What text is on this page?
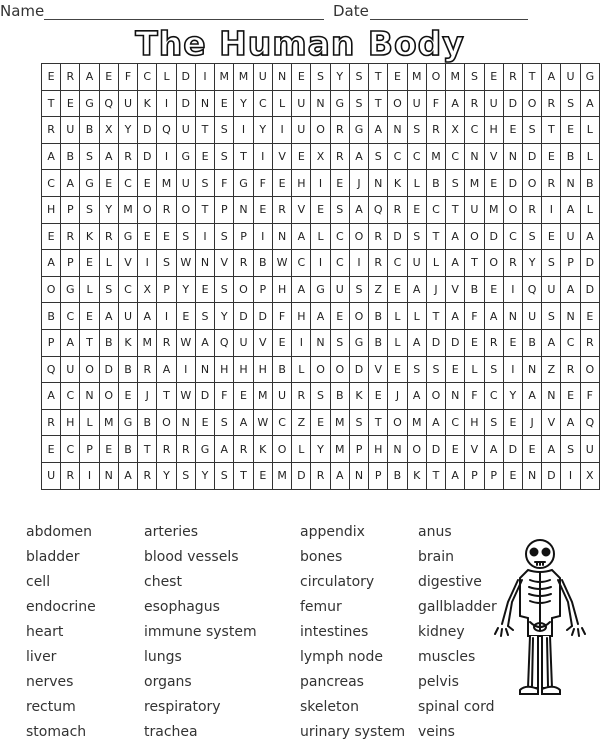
Name	Date
The Human Body
E	R	A	E	F	C	L	D	I	M	M	U	N	E	S	Y	S	T	E	M	O	M	S	E	R	T	A	U	G
T	E	G	Q	U	K	I	D	N	E	Y	C	L	U	N	G	S	T	O	U	F	A	R	U	D	O	R	S	A
R	U	B	X	Y	D	Q	U	T	S	I	Y	I	U	O	R	G	A	N	S	R	X	C	H	E	S	T	E	L
A	B	S	A	R	D	I	G	E	S	T	I	V	E	X	R	A	S	C	C	M	C	N	V	N	D	E	B	L
C	A	G	E	C	E	M	U	S	F	G	F	E	H	I	E	J	N	K	L	B	S	M	E	D	O	R	N	B
H	P	S	Y	M	O	R	O	T	P	N	E	R	V	E	S	A	Q	R	E	C	T	U	M	O	R	I	A	L
E	R	K	R	G	E	E	S	I	S	P	I	N	A	L	C	O	R	D	S	T	A	O	D	C	S	E	U	A
A	P	E	L	V	I	S	W	N	V	R	B	W	C	I	C	I	R	C	U	L	A	T	O	R	Y	S	P	D
O	G	L	S	C	X	P	Y	E	S	O	P	H	A	G	U	S	Z	E	A	J	V	B	E	I	Q	U	A	D
B	C	E	A	U	A	I	E	S	Y	D	D	F	H	A	E	O	B	L	L	T	A	F	A	N	U	S	N	E
P	A	T	B	K	M	R	W	A	Q	U	V	E	I	N	S	G	B	L	A	D	D	E	R	E	B	A	C	R
Q	U	O	D	B	R	A	I	N	H	H	H	B	L	O	O	D	V	E	S	S	E	L	S	I	N	Z	R	O
A	C	N	O	E	J	T	W	D	F	E	M	U	R	S	B	K	E	J	A	O	N	F	C	Y	A	N	E	F
R	H	L	M	G	B	O	N	E	S	A	W	C	Z	E	M	S	T	O	M	A	C	H	S	E	J	V	A	Q
E	C	P	E	B	T	R	R	G	A	R	K	O	L	Y	M	P	H	N	O	D	E	V	A	D	E	A	S	U
U	R	I	N	A	R	Y	S	Y	S	T	E	M	D	R	A	N	P	B	K	T	A	P	P	E	N	D	I	X
abdomen
bladder
cell
endocrine
heart
liver
nerves
rectum
stomach
arteries
blood vessels
chest
esophagus
immune system
lungs
organs
respiratory
trachea
appendix
bones
circulatory
femur
intestines
lymph node
pancreas
skeleton
urinary system
anus
brain
digestive
gallbladder
kidney
muscles
pelvis
spinal cord
veins
